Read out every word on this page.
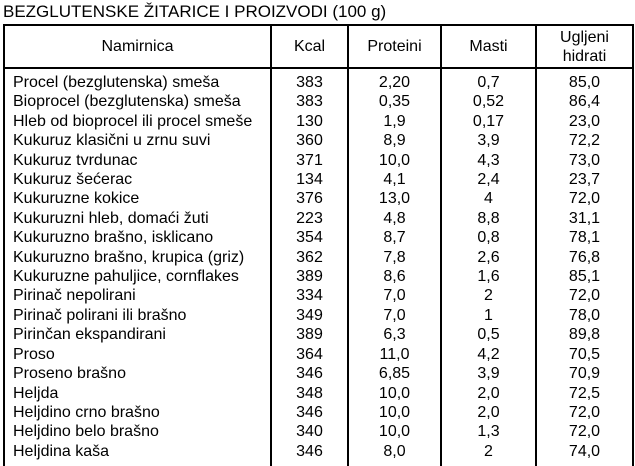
BEZGLUTENSKE ŽITARICE I PROIZVODI (100 g)
Namirnica	Kcal	Proteini	Masti	Ugljeni hidrati
Procel (bezglutenska) smeša	383	2,20	0,7	85,0
Bioprocel (bezglutenska) smeša	383	0,35	0,52	86,4
Hleb od bioprocel ili procel smeše	130	1,9	0,17	23,0
Kukuruz klasični u zrnu suvi	360	8,9	3,9	72,2
Kukuruz tvrdunac	371	10,0	4,3	73,0
Kukuruz šećerac	134	4,1	2,4	23,7
Kukuruzne kokice	376	13,0	4	72,0
Kukuruzni hleb, domaći žuti	223	4,8	8,8	31,1
Kukuruzno brašno, isklicano	354	8,7	0,8	78,1
Kukuruzno brašno, krupica (griz)	362	7,8	2,6	76,8
Kukuruzne pahuljice, cornflakes	389	8,6	1,6	85,1
Pirinač nepolirani	334	7,0	2	72,0
Pirinač polirani ili brašno	349	7,0	1	78,0
Pirinčan ekspandirani	389	6,3	0,5	89,8
Proso	364	11,0	4,2	70,5
Proseno brašno	346	6,85	3,9	70,9
Heljda	348	10,0	2,0	72,5
Heljdino crno brašno	346	10,0	2,0	72,0
Heljdino belo brašno	340	10,0	1,3	72,0
Heljdina kaša	346	8,0	2	74,0
